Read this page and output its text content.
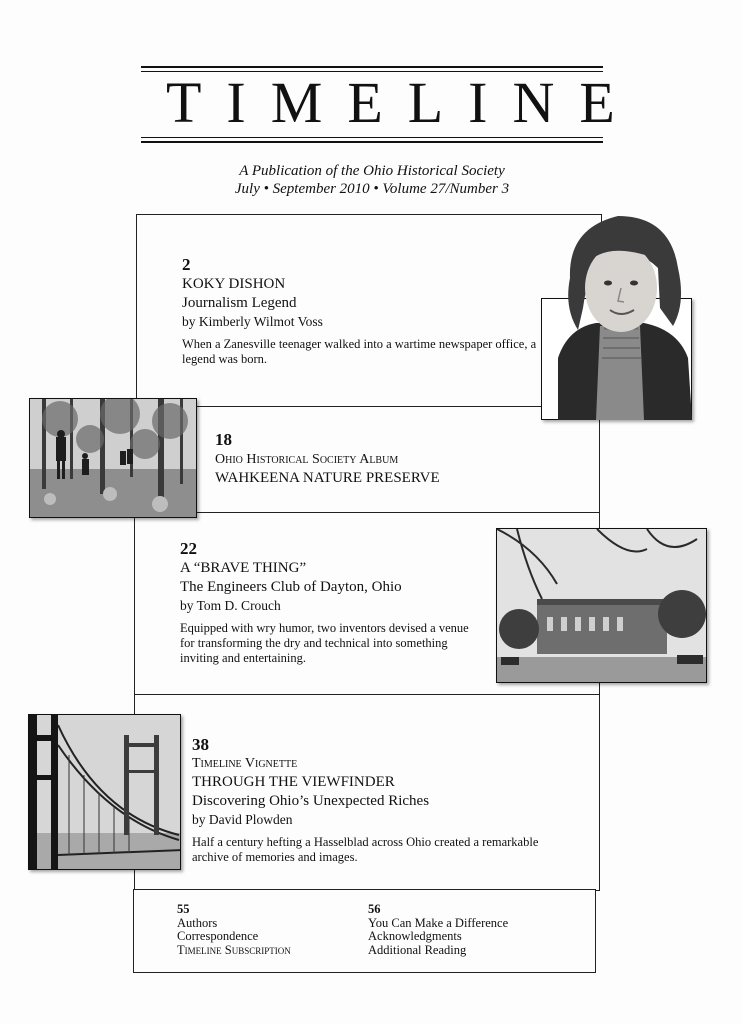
TIMELINE
A Publication of the Ohio Historical Society
July • September 2010 • Volume 27/Number 3
2
KOKY DISHON
Journalism Legend
by Kimberly Wilmot Voss
When a Zanesville teenager walked into a wartime newspaper office, a legend was born.
18
Ohio Historical Society Album
WAHKEENA NATURE PRESERVE
22
A “BRAVE THING”
The Engineers Club of Dayton, Ohio
by Tom D. Crouch
Equipped with wry humor, two inventors devised a venue for transforming the dry and technical into something inviting and entertaining.
38
Timeline Vignette
THROUGH THE VIEWFINDER
Discovering Ohio’s Unexpected Riches
by David Plowden
Half a century hefting a Hasselblad across Ohio created a remarkable archive of memories and images.
55
Authors
Correspondence
Timeline Subscription
56
You Can Make a Difference
Acknowledgments
Additional Reading
